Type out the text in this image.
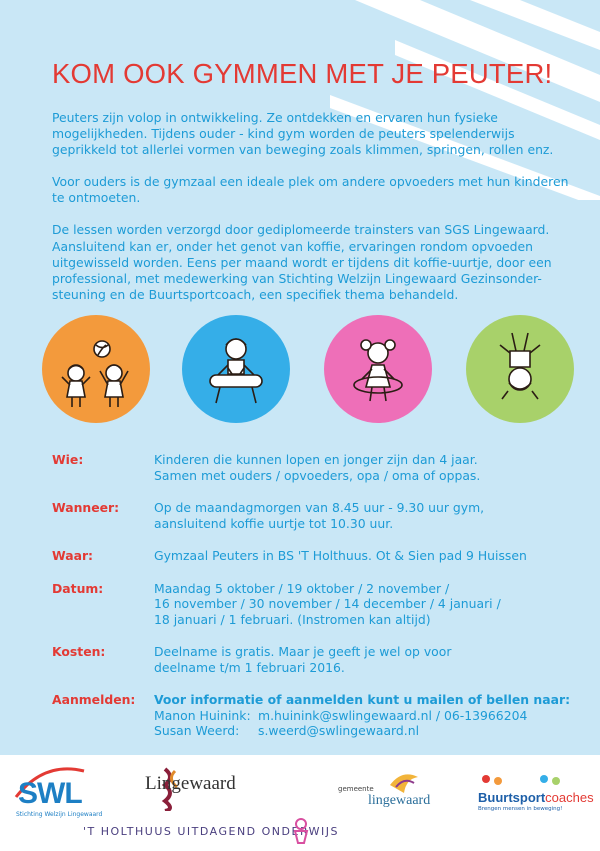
KOM OOK GYMMEN MET JE PEUTER!

Peuters zijn volop in ontwikkeling. Ze ontdekken en ervaren hun fysieke mogelijkheden. Tijdens ouder - kind gym worden de peuters spelenderwijs geprikkeld tot allerlei vormen van beweging zoals klimmen, springen, rollen enz.

Voor ouders is de gymzaal een ideale plek om andere opvoeders met hun kinderen te ontmoeten.

De lessen worden verzorgd door gediplomeerde trainsters van SGS Lingewaard. Aansluitend kan er, onder het genot van koffie, ervaringen rondom opvoeden uitgewisseld worden. Eens per maand wordt er tijdens dit koffie-uurtje, door een professional, met medewerking van Stichting Welzijn Lingewaard Gezinsonder-steuning en de Buurtsportcoach, een specifiek thema behandeld.

Wie:	Kinderen die kunnen lopen en jonger zijn dan 4 jaar.
Samen met ouders / opvoeders, opa / oma of oppas.
Wanneer:	Op de maandagmorgen van 8.45 uur - 9.30 uur gym,
aansluitend koffie uurtje tot 10.30 uur.
Waar:	Gymzaal Peuters in BS 'T Holthuus. Ot & Sien pad 9 Huissen
Datum:	Maandag 5 oktober / 19 oktober / 2 november /
16 november / 30 november / 14 december / 4 januari /
18 januari / 1 februari. (Instromen kan altijd)
Kosten:	Deelname is gratis. Maar je geeft je wel op voor
deelname t/m 1 februari 2016.
Aanmelden:	Voor informatie of aanmelden kunt u mailen of bellen naar:
Manon Huinink: m.huinink@swlingewaard.nl / 06-13966204
Susan Weerd:	s.weerd@swlingewaard.nl
SWL
Stichting Welzijn Lingewaard
Lingewaard
'T HOLTHUUS UITDAGEND ONDERWIJS
gemeente
lingewaard	Buurtsportcoaches
Brengen mensen in beweging!
